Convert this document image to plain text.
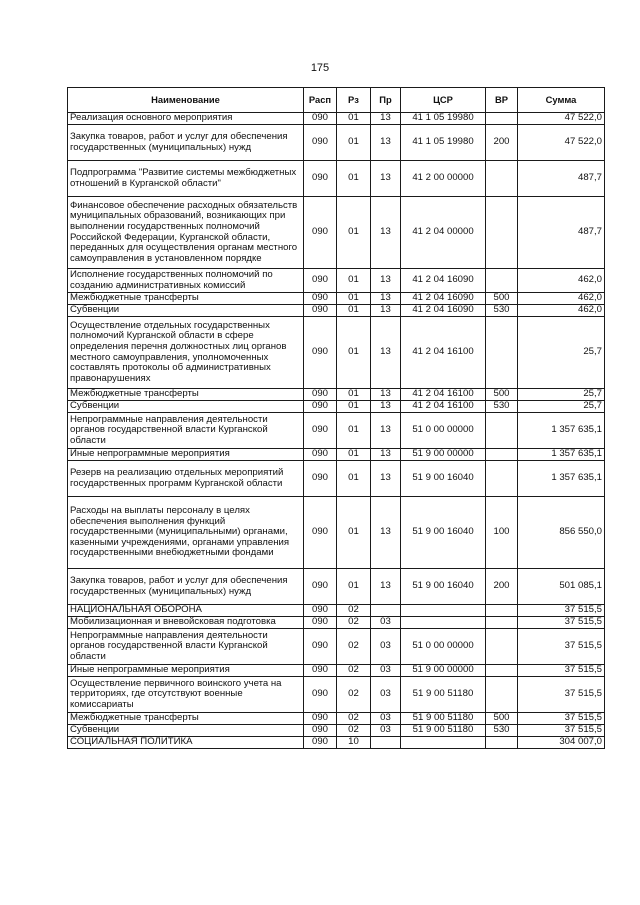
175
Наименование	Расп	Рз	Пр	ЦСР	ВР	Сумма
Реализация основного мероприятия	090	01	13	41 1 05 19980		47 522,0
Закупка товаров, работ и услуг для обеспечения государственных (муниципальных) нужд	090	01	13	41 1 05 19980	200	47 522,0
Подпрограмма "Развитие системы межбюджетных отношений в Курганской области"	090	01	13	41 2 00 00000		487,7
Финансовое обеспечение расходных обязательств муниципальных образований, возникающих при выполнении государственных полномочий Российской Федерации, Курганской области, переданных для осуществления органам местного самоуправления в установленном порядке	090	01	13	41 2 04 00000		487,7
Исполнение государственных полномочий по созданию административных комиссий	090	01	13	41 2 04 16090		462,0
Межбюджетные трансферты	090	01	13	41 2 04 16090	500	462,0
Субвенции	090	01	13	41 2 04 16090	530	462,0
Осуществление отдельных государственных полномочий Курганской области в сфере определения перечня должностных лиц органов местного самоуправления, уполномоченных составлять протоколы об административных правонарушениях	090	01	13	41 2 04 16100		25,7
Межбюджетные трансферты	090	01	13	41 2 04 16100	500	25,7
Субвенции	090	01	13	41 2 04 16100	530	25,7
Непрограммные направления деятельности органов государственной власти Курганской области	090	01	13	51 0 00 00000		1 357 635,1
Иные непрограммные мероприятия	090	01	13	51 9 00 00000		1 357 635,1
Резерв на реализацию отдельных мероприятий государственных программ Курганской области	090	01	13	51 9 00 16040		1 357 635,1
Расходы на выплаты персоналу в целях обеспечения выполнения функций государственными (муниципальными) органами, казенными учреждениями, органами управления государственными внебюджетными фондами	090	01	13	51 9 00 16040	100	856 550,0
Закупка товаров, работ и услуг для обеспечения государственных (муниципальных) нужд	090	01	13	51 9 00 16040	200	501 085,1
НАЦИОНАЛЬНАЯ ОБОРОНА	090	02				37 515,5
Мобилизационная и вневойсковая подготовка	090	02	03			37 515,5
Непрограммные направления деятельности органов государственной власти Курганской области	090	02	03	51 0 00 00000		37 515,5
Иные непрограммные мероприятия	090	02	03	51 9 00 00000		37 515,5
Осуществление первичного воинского учета на территориях, где отсутствуют военные комиссариаты	090	02	03	51 9 00 51180		37 515,5
Межбюджетные трансферты	090	02	03	51 9 00 51180	500	37 515,5
Субвенции	090	02	03	51 9 00 51180	530	37 515,5
СОЦИАЛЬНАЯ ПОЛИТИКА	090	10				304 007,0
